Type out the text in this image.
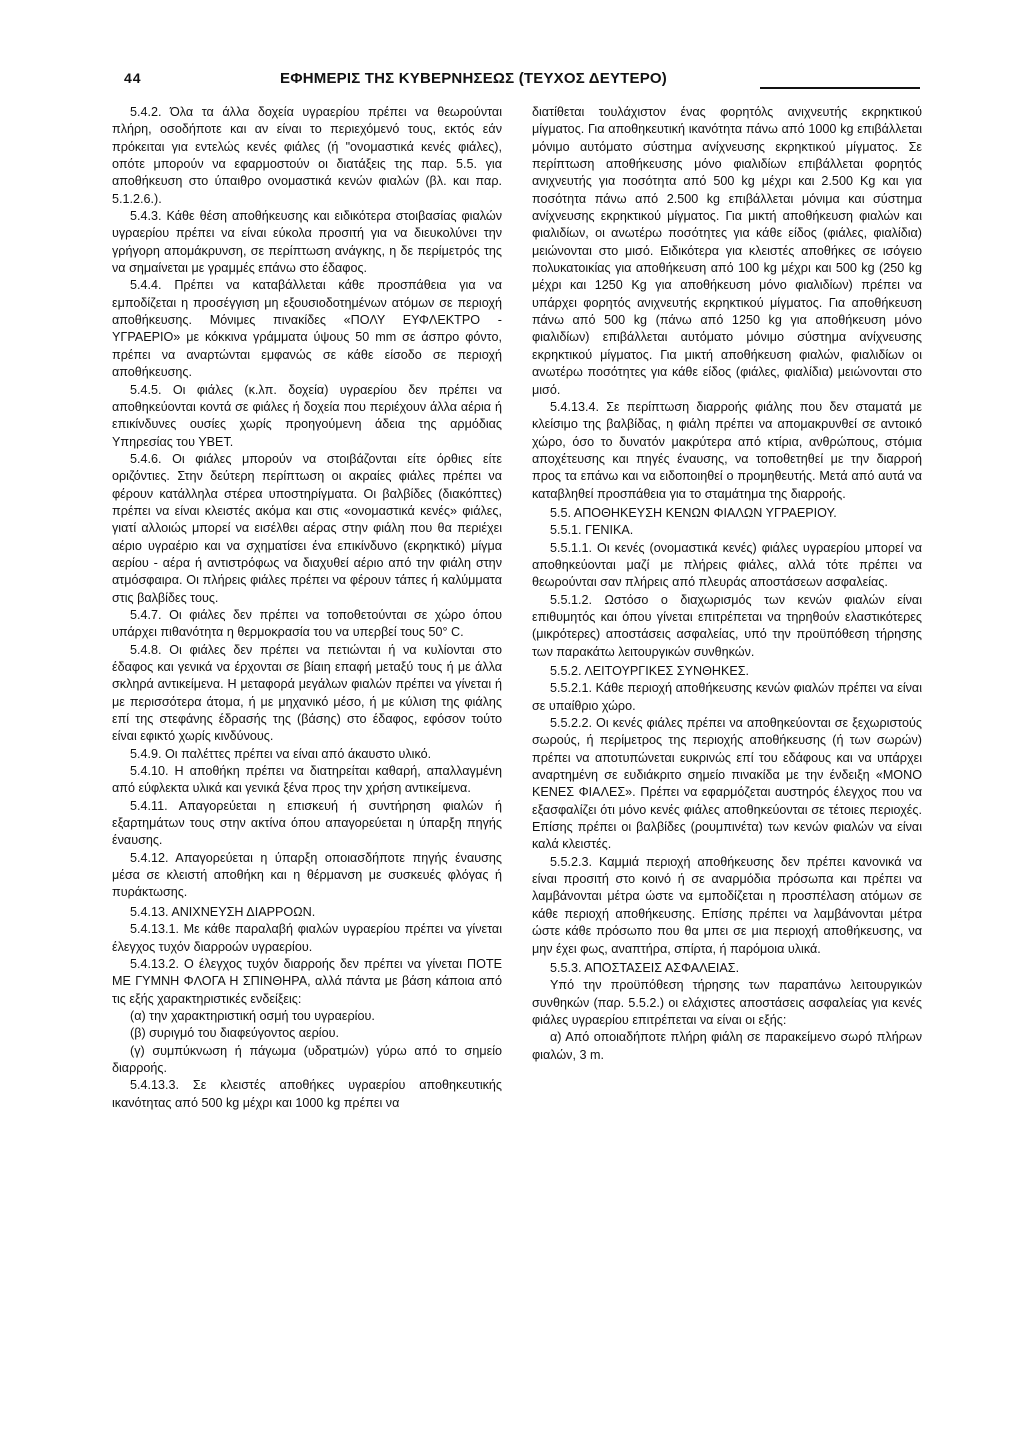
44	ΕΦΗΜΕΡΙΣ ΤΗΣ ΚΥΒΕΡΝΗΣΕΩΣ (ΤΕΥΧΟΣ ΔΕΥΤΕΡΟ)

5.4.2. Όλα τα άλλα δοχεία υγραερίου πρέπει να θεωρούνται πλήρη, οσοδήποτε και αν είναι το περιεχόμενό τους, εκτός εάν πρόκειται για εντελώς κενές φιάλες (ή "ονομαστικά κενές φιάλες), οπότε μπορούν να εφαρμοστούν οι διατάξεις της παρ. 5.5. για αποθήκευση στο ύπαιθρο ονομαστικά κενών φιαλών (βλ. και παρ. 5.1.2.6.).

5.4.3. Κάθε θέση αποθήκευσης και ειδικότερα στοιβασίας φιαλών υγραερίου πρέπει να είναι εύκολα προσιτή για να διευκολύνει την γρήγορη απομάκρυνση, σε περίπτωση ανάγκης, η δε περίμετρός της να σημαίνεται με γραμμές επάνω στο έδαφος.

5.4.4. Πρέπει να καταβάλλεται κάθε προσπάθεια για να εμποδίζεται η προσέγγιση μη εξουσιοδοτημένων ατόμων σε περιοχή αποθήκευσης. Μόνιμες πινακίδες «ΠΟΛΥ ΕΥΦΛΕΚΤΡΟ - ΥΓΡΑΕΡΙΟ» με κόκκινα γράμματα ύψους 50 mm σε άσπρο φόντο, πρέπει να αναρτώνται εμφανώς σε κάθε είσοδο σε περιοχή αποθήκευσης.

5.4.5. Οι φιάλες (κ.λπ. δοχεία) υγραερίου δεν πρέπει να αποθηκεύονται κοντά σε φιάλες ή δοχεία που περιέχουν άλλα αέρια ή επικίνδυνες ουσίες χωρίς προηγούμενη άδεια της αρμόδιας Υπηρεσίας του ΥΒΕΤ.

5.4.6. Οι φιάλες μπορούν να στοιβάζονται είτε όρθιες είτε οριζόντιες. Στην δεύτερη περίπτωση οι ακραίες φιάλες πρέπει να φέρουν κατάλληλα στέρεα υποστηρίγματα. Οι βαλβίδες (διακόπτες) πρέπει να είναι κλειστές ακόμα και στις «ονομαστικά κενές» φιάλες, γιατί αλλοιώς μπορεί να εισέλθει αέρας στην φιάλη που θα περιέχει αέριο υγραέριο και να σχηματίσει ένα επικίνδυνο (εκρηκτικό) μίγμα αερίου - αέρα ή αντιστρόφως να διαχυθεί αέριο από την φιάλη στην ατμόσφαιρα. Οι πλήρεις φιάλες πρέπει να φέρουν τάπες ή καλύμματα στις βαλβίδες τους.

5.4.7. Οι φιάλες δεν πρέπει να τοποθετούνται σε χώρο όπου υπάρχει πιθανότητα η θερμοκρασία του να υπερβεί τους 50° C.

5.4.8. Οι φιάλες δεν πρέπει να πετιώνται ή να κυλίονται στο έδαφος και γενικά να έρχονται σε βίαιη επαφή μεταξύ τους ή με άλλα σκληρά αντικείμενα. Η μεταφορά μεγάλων φιαλών πρέπει να γίνεται ή με περισσότερα άτομα, ή με μηχανικό μέσο, ή με κύλιση της φιάλης επί της στεφάνης έδρασής της (βάσης) στο έδαφος, εφόσον τούτο είναι εφικτό χωρίς κινδύνους.

5.4.9. Οι παλέττες πρέπει να είναι από άκαυστο υλικό.

5.4.10. Η αποθήκη πρέπει να διατηρείται καθαρή, απαλλαγμένη από εύφλεκτα υλικά και γενικά ξένα προς την χρήση αντικείμενα.

5.4.11. Απαγορεύεται η επισκευή ή συντήρηση φιαλών ή εξαρτημάτων τους στην ακτίνα όπου απαγορεύεται η ύπαρξη πηγής έναυσης.

5.4.12. Απαγορεύεται η ύπαρξη οποιασδήποτε πηγής έναυσης μέσα σε κλειστή αποθήκη και η θέρμανση με συσκευές φλόγας ή πυράκτωσης.

5.4.13. ΑΝΙΧΝΕΥΣΗ ΔΙΑΡΡΟΩΝ.

5.4.13.1. Με κάθε παραλαβή φιαλών υγραερίου πρέπει να γίνεται έλεγχος τυχόν διαρροών υγραερίου.

5.4.13.2. Ο έλεγχος τυχόν διαρροής δεν πρέπει να γίνεται ΠΟΤΕ ΜΕ ΓΥΜΝΗ ΦΛΟΓΑ Η ΣΠΙΝΘΗΡΑ, αλλά πάντα με βάση κάποια από τις εξής χαρακτηριστικές ενδείξεις:

(α) την χαρακτηριστική οσμή του υγραερίου.

(β) συριγμό του διαφεύγοντος αερίου.

(γ) συμπύκνωση ή πάγωμα (υδρατμών) γύρω από το σημείο διαρροής.

5.4.13.3. Σε κλειστές αποθήκες υγραερίου αποθηκευτικής ικανότητας από 500 kg μέχρι και 1000 kg πρέπει να

διατίθεται τουλάχιστον ένας φορητόλς ανιχνευτής εκρηκτικού μίγματος. Για αποθηκευτική ικανότητα πάνω από 1000 kg επιβάλλεται μόνιμο αυτόματο σύστημα ανίχνευσης εκρηκτικού μίγματος. Σε περίπτωση αποθήκευσης μόνο φιαλιδίων επιβάλλεται φορητός ανιχνευτής για ποσότητα από 500 kg μέχρι και 2.500 Kg και για ποσότητα πάνω από 2.500 kg επιβάλλεται μόνιμα και σύστημα ανίχνευσης εκρηκτικού μίγματος. Για μικτή αποθήκευση φιαλών και φιαλιδίων, οι ανωτέρω ποσότητες για κάθε είδος (φιάλες, φιαλίδια) μειώνονται στο μισό. Ειδικότερα για κλειστές αποθήκες σε ισόγειο πολυκατοικίας για αποθήκευση από 100 kg μέχρι και 500 kg (250 kg μέχρι και 1250 Kg για αποθήκευση μόνο φιαλιδίων) πρέπει να υπάρχει φορητός ανιχνευτής εκρηκτικού μίγματος. Για αποθήκευση πάνω από 500 kg (πάνω από 1250 kg για αποθήκευση μόνο φιαλιδίων) επιβάλλεται αυτόματο μόνιμο σύστημα ανίχνευσης εκρηκτικού μίγματος. Για μικτή αποθήκευση φιαλών, φιαλιδίων οι ανωτέρω ποσότητες για κάθε είδος (φιάλες, φιαλίδια) μειώνονται στο μισό.

5.4.13.4. Σε περίπτωση διαρροής φιάλης που δεν σταματά με κλείσιμο της βαλβίδας, η φιάλη πρέπει να απομακρυνθεί σε αντοικό χώρο, όσο το δυνατόν μακρύτερα από κτίρια, ανθρώπους, στόμια αποχέτευσης και πηγές έναυσης, να τοποθετηθεί με την διαρροή προς τα επάνω και να ειδοποιηθεί ο προμηθευτής. Μετά από αυτά να καταβληθεί προσπάθεια για το σταμάτημα της διαρροής.

5.5. ΑΠΟΘΗΚΕΥΣΗ ΚΕΝΩΝ ΦΙΑΛΩΝ ΥΓΡΑΕΡΙΟΥ.

5.5.1. ΓΕΝΙΚΑ.

5.5.1.1. Οι κενές (ονομαστικά κενές) φιάλες υγραερίου μπορεί να αποθηκεύονται μαζί με πλήρεις φιάλες, αλλά τότε πρέπει να θεωρούνται σαν πλήρεις από πλευράς αποστάσεων ασφαλείας.

5.5.1.2. Ωστόσο ο διαχωρισμός των κενών φιαλών είναι επιθυμητός και όπου γίνεται επιτρέπεται να τηρηθούν ελαστικότερες (μικρότερες) αποστάσεις ασφαλείας, υπό την προϋπόθεση τήρησης των παρακάτω λειτουργικών συνθηκών.

5.5.2. ΛΕΙΤΟΥΡΓΙΚΕΣ ΣΥΝΘΗΚΕΣ.

5.5.2.1. Κάθε περιοχή αποθήκευσης κενών φιαλών πρέπει να είναι σε υπαίθριο χώρο.

5.5.2.2. Οι κενές φιάλες πρέπει να αποθηκεύονται σε ξεχωριστούς σωρούς, ή περίμετρος της περιοχής αποθήκευσης (ή των σωρών) πρέπει να αποτυπώνεται ευκρινώς επί του εδάφους και να υπάρχει αναρτημένη σε ευδιάκριτο σημείο πινακίδα με την ένδειξη «ΜΟΝΟ ΚΕΝΕΣ ΦΙΑΛΕΣ». Πρέπει να εφαρμόζεται αυστηρός έλεγχος που να εξασφαλίζει ότι μόνο κενές φιάλες αποθηκεύονται σε τέτοιες περιοχές. Επίσης πρέπει οι βαλβίδες (ρουμπινέτα) των κενών φιαλών να είναι καλά κλειστές.

5.5.2.3. Καμμιά περιοχή αποθήκευσης δεν πρέπει κανονικά να είναι προσιτή στο κοινό ή σε αναρμόδια πρόσωπα και πρέπει να λαμβάνονται μέτρα ώστε να εμποδίζεται η προσπέλαση ατόμων σε κάθε περιοχή αποθήκευσης. Επίσης πρέπει να λαμβάνονται μέτρα ώστε κάθε πρόσωπο που θα μπει σε μια περιοχή αποθήκευσης, να μην έχει φως, αναπτήρα, σπίρτα, ή παρόμοια υλικά.

5.5.3. ΑΠΟΣΤΑΣΕΙΣ ΑΣΦΑΛΕΙΑΣ.

Υπό την προϋπόθεση τήρησης των παραπάνω λειτουργικών συνθηκών (παρ. 5.5.2.) οι ελάχιστες αποστάσεις ασφαλείας για κενές φιάλες υγραερίου επιτρέπεται να είναι οι εξής:

α) Από οποιαδήποτε πλήρη φιάλη σε παρακείμενο σωρό πλήρων φιαλών, 3 m.
